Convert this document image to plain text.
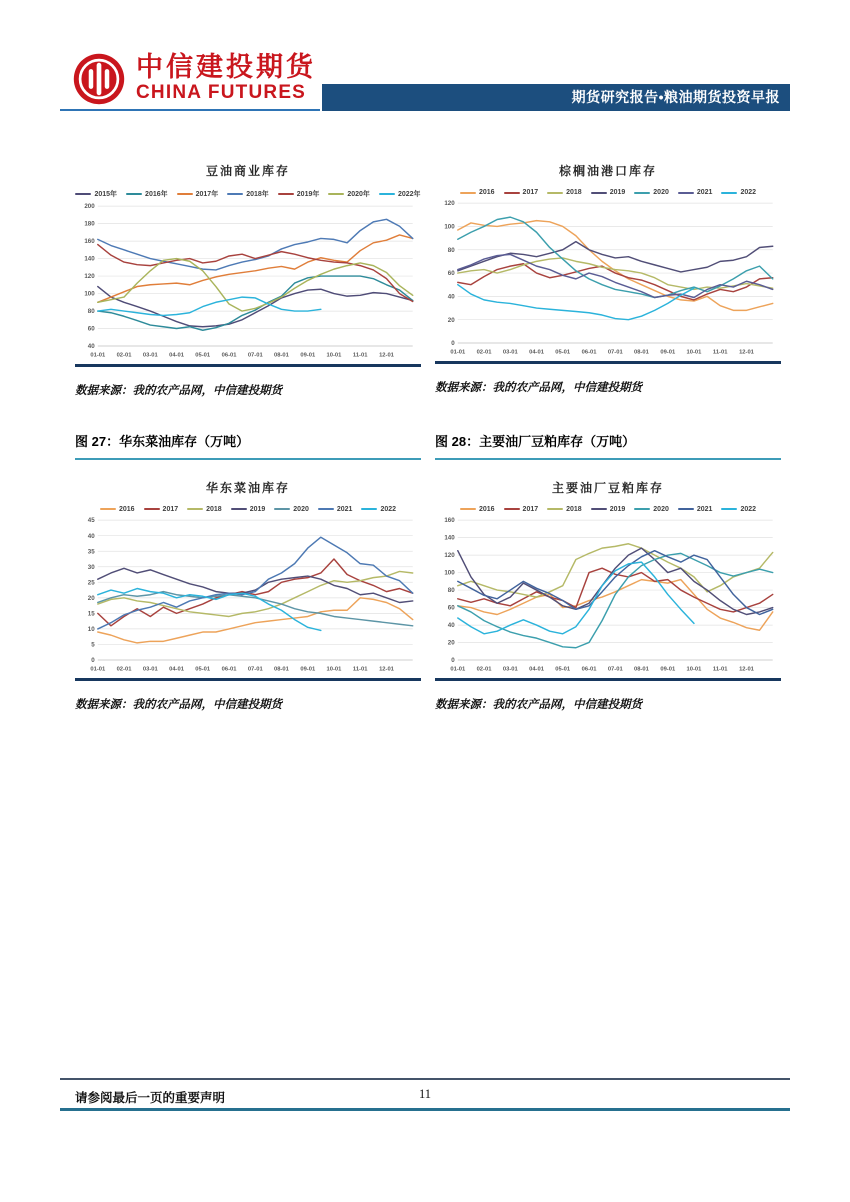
中信建投期货
CHINA FUTURES	期货研究报告•粮油期货投资早报
豆油商业库存
2015年	2016年	2017年	2018年	2019年	2020年	2022年
40
60
80
100
120
140
160
180
200
01-01 02-01 03-01 04-01 05-01 06-01 07-01 08-01 09-01 10-01 11-01 12-01
数据来源：我的农产品网，中信建投期货
棕榈油港口库存
2016	2017	2018	2019	2020	2021	2022
0
20
40
60
80
100
120
01-01 02-01 03-01 04-01 05-01 06-01 07-01 08-01 09-01 10-01 11-01 12-01
数据来源：我的农产品网，中信建投期货
图 27：华东菜油库存（万吨）	图 28：主要油厂豆粕库存（万吨）
华东菜油库存
2016	2017	2018	2019	2020	2021	2022
0
5
10
15
20
25
30
35
40
45
01-01 02-01 03-01 04-01 05-01 06-01 07-01 08-01 09-01 10-01 11-01 12-01
数据来源：我的农产品网，中信建投期货
主要油厂豆粕库存
2016	2017	2018	2019	2020	2021	2022
0
20
40
60
80
100
120
140
160
01-01 02-01 03-01 04-01 05-01 06-01 07-01 08-01 09-01 10-01 11-01 12-01
数据来源：我的农产品网，中信建投期货
请参阅最后一页的重要声明	11
